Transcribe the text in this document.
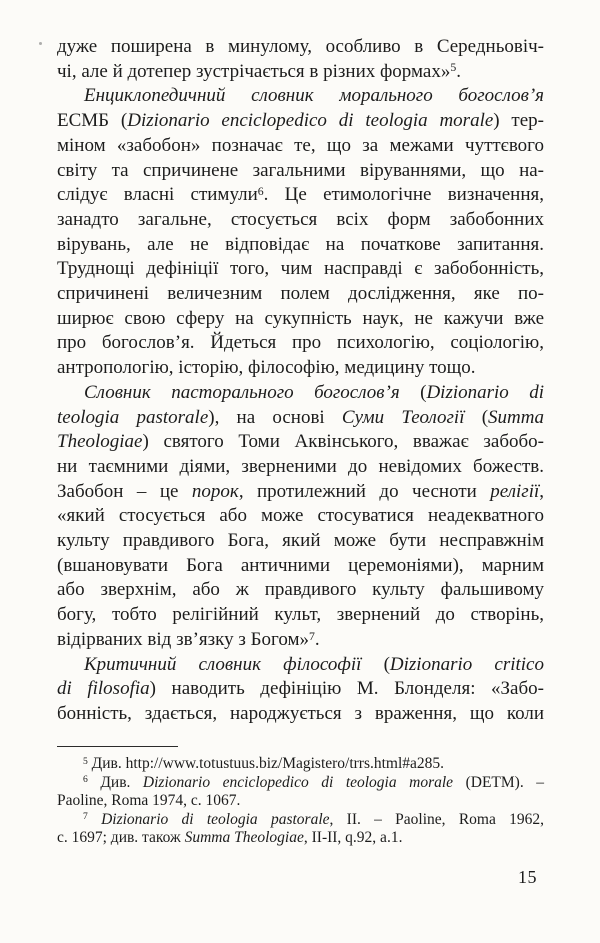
дуже поширена в минулому, особливо в Середньовіч-
чі, але й дотепер зустрічається в різних формах»$^5$.
Енциклопедичний словник морального богослов’я
ЕСМБ (Dizionario enciclopedico di teologia morale) тер-
міном «забобон» позначає те, що за межами чуттєвого
світу та спричинене загальними віруваннями, що на-
слідує власні стимули$^6$. Це етимологічне визначення,
занадто загальне, стосується всіх форм забобонних
вірувань, але не відповідає на початкове запитання.
Труднощі дефініції того, чим насправді є забобонність,
спричинені величезним полем дослідження, яке по-
ширює свою сферу на сукупність наук, не кажучи вже
про богослов’я. Йдеться про психологію, соціологію,
антропологію, історію, філософію, медицину тощо.
Словник пасторального богослов’я (Dizionario di
teologia pastorale), на основі Суми Теології (Summa
Theologiae) святого Томи Аквінського, вважає забобо-
ни таємними діями, зверненими до невідомих божеств.
Забобон – це порок, протилежний до чесноти релігії,
«який стосується або може стосуватися неадекватного
культу правдивого Бога, який може бути несправжнім
(вшановувати Бога античними церемоніями), марним
або зверхнім, або ж правдивого культу фальшивому
богу, тобто релігійний культ, звернений до створінь,
відірваних від зв’язку з Богом»$^7$.
Критичний словник філософії (Dizionario critico
di filosofia) наводить дефініцію М. Блонделя: «Забо-
бонність, здається, народжується з враження, що коли
$^5$ Див. http://www.totustuus.biz/Magistero/trrs.html#a285.
$^6$ Див. Dizionario enciclopedico di teologia morale (DETM). –
Paoline, Roma 1974, с. 1067.
$^7$ Dizionario di teologia pastorale, II. – Paoline, Roma 1962,
с. 1697; див. також Summa Theologiae, II-II, q.92, a.1.
15
